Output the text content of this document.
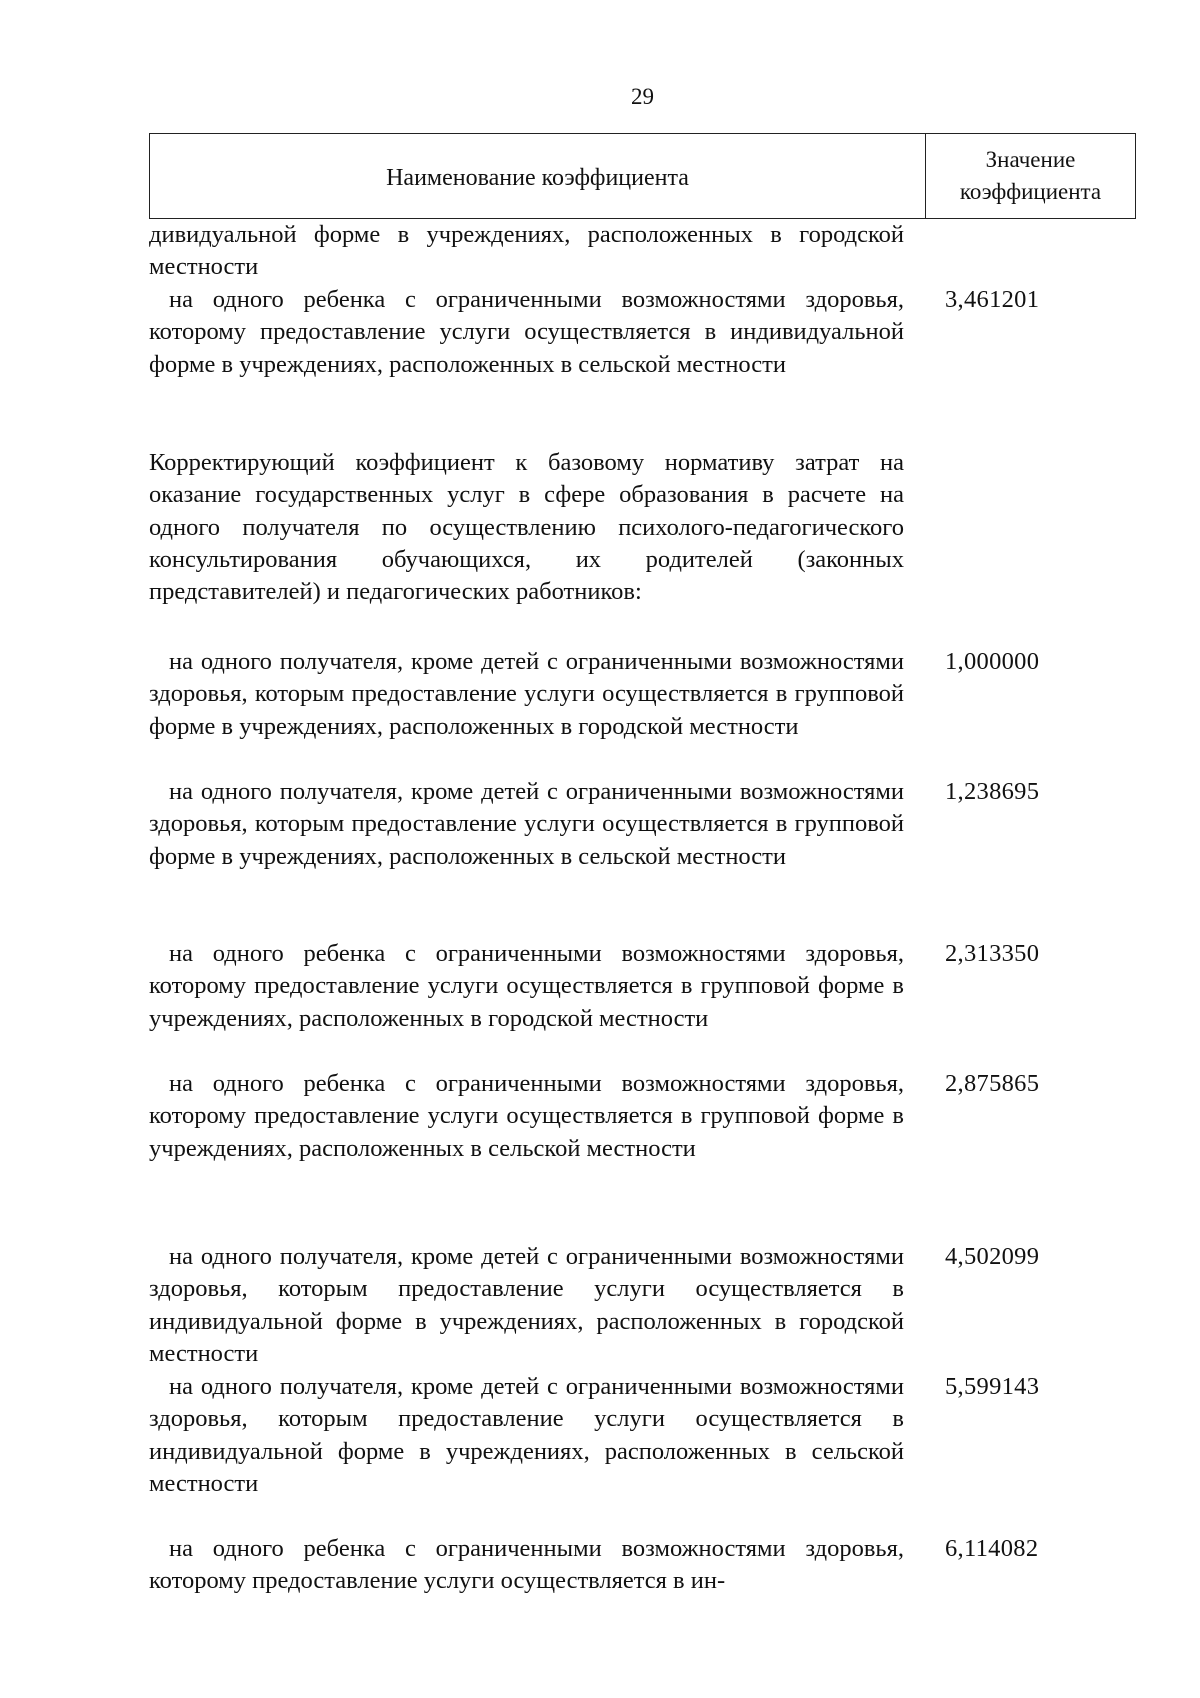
29
Наименование коэффициента
Значение
коэффициента
дивидуальной форме в учреждениях, расположенных в городской местности
на одного ребенка с ограниченными возможностями здоровья, которому предоставление услуги осуществляется в индивидуальной форме в учреждениях, расположенных в сельской местности
3,461201
Корректирующий коэффициент к базовому нормативу затрат на оказание государственных услуг в сфере образования в расчете на одного получателя по осуществлению психолого-педагогического консультирования обучающихся, их родителей (законных представителей) и педагогических работников:
на одного получателя, кроме детей с ограниченными возможностями здоровья, которым предоставление услуги осуществляется в групповой форме в учреждениях, расположенных в городской местности
1,000000
на одного получателя, кроме детей с ограниченными возможностями здоровья, которым предоставление услуги осуществляется в групповой форме в учреждениях, расположенных в сельской местности
1,238695
на одного ребенка с ограниченными возможностями здоровья, которому предоставление услуги осуществляется в групповой форме в учреждениях, расположенных в городской местности
2,313350
на одного ребенка с ограниченными возможностями здоровья, которому предоставление услуги осуществляется в групповой форме в учреждениях, расположенных в сельской местности
2,875865
на одного получателя, кроме детей с ограниченными возможностями здоровья, которым предоставление услуги осуществляется в индивидуальной форме в учреждениях, расположенных в городской местности
4,502099
на одного получателя, кроме детей с ограниченными возможностями здоровья, которым предоставление услуги осуществляется в индивидуальной форме в учреждениях, расположенных в сельской местности
5,599143
на одного ребенка с ограниченными возможностями здоровья, которому предоставление услуги осуществляется в ин-
6,114082
